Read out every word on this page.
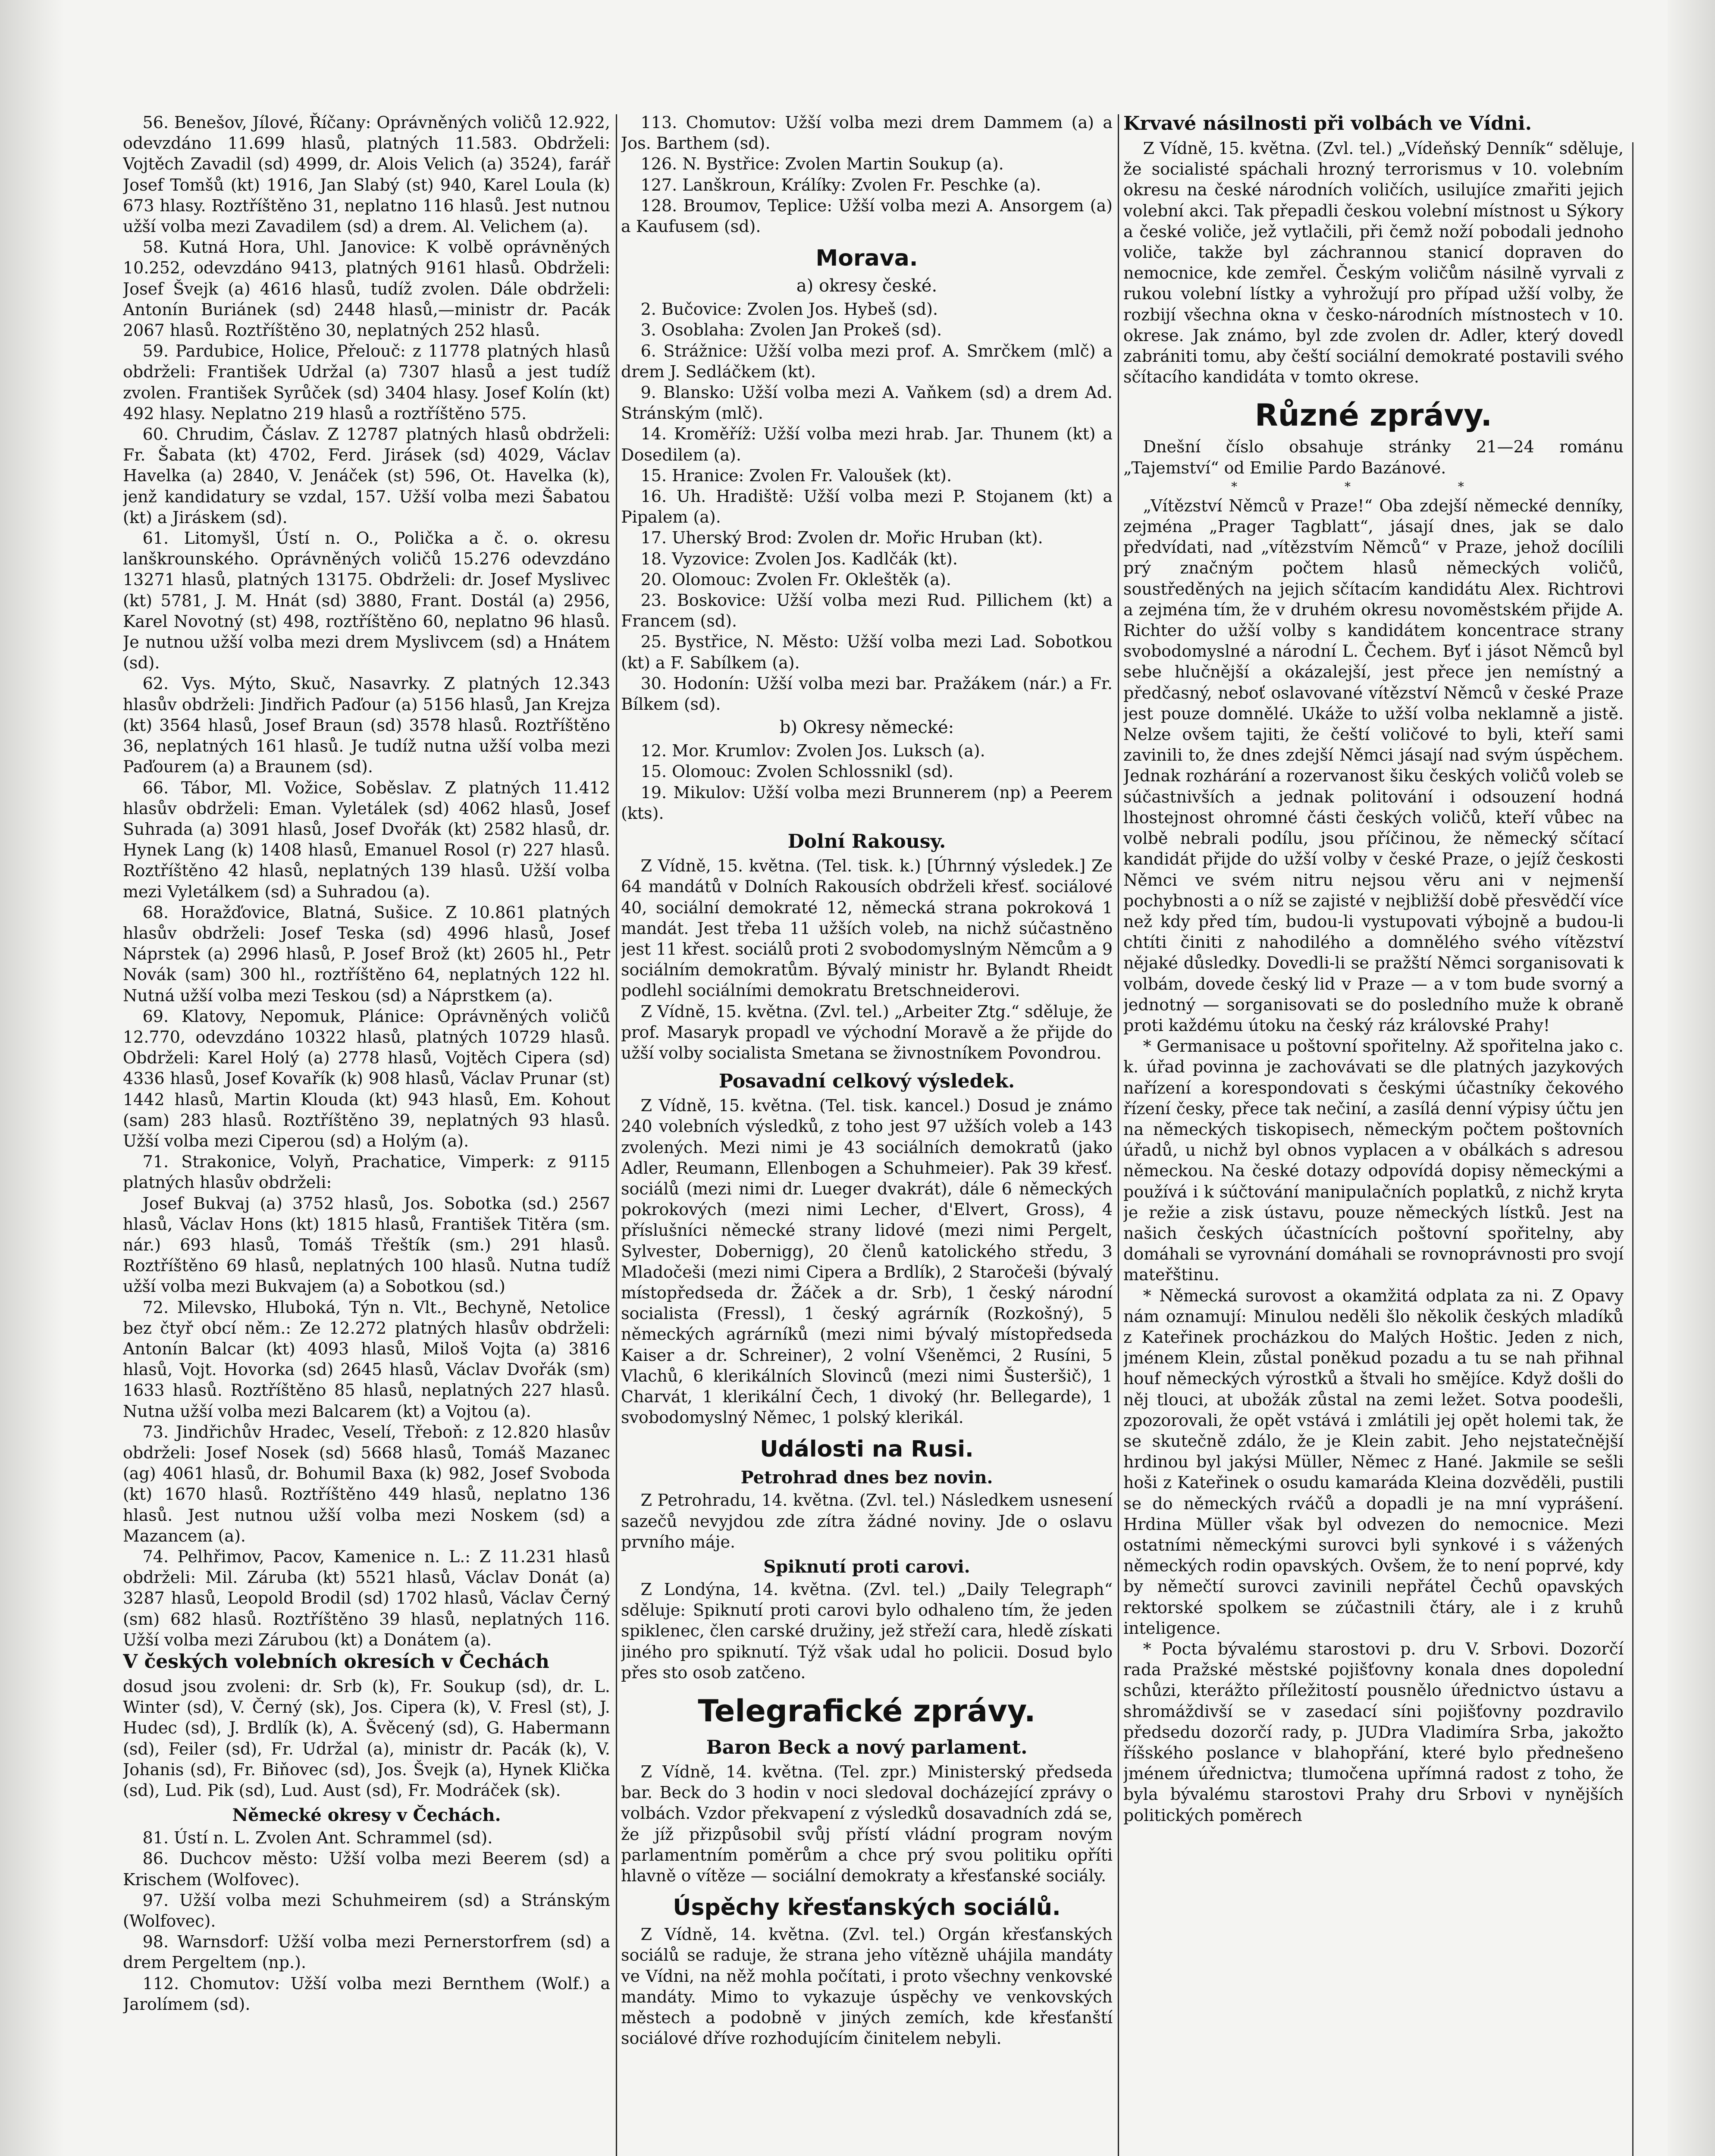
56. Benešov, Jílové, Říčany: Oprávněných voličů 12.922, odevzdáno 11.699 hlasů, platných 11.583. Obdrželi: Vojtěch Zavadil (sd) 4999, dr. Alois Velich (a) 3524), farář Josef Tomšů (kt) 1916, Jan Slabý (st) 940, Karel Loula (k) 673 hlasy. Roztříštěno 31, neplatno 116 hlasů. Jest nutnou užší volba mezi Zavadilem (sd) a drem. Al. Velichem (a).

58. Kutná Hora, Uhl. Janovice: K volbě oprávněných 10.252, odevzdáno 9413, platných 9161 hlasů. Obdrželi: Josef Švejk (a) 4616 hlasů, tudíž zvolen. Dále obdrželi: Antonín Buriánek (sd) 2448 hlasů,—ministr dr. Pacák 2067 hlasů. Roztříštěno 30, neplatných 252 hlasů.

59. Pardubice, Holice, Přelouč: z 11778 platných hlasů obdrželi: František Udržal (a) 7307 hlasů a jest tudíž zvolen. František Syrůček (sd) 3404 hlasy. Josef Kolín (kt) 492 hlasy. Neplatno 219 hlasů a roztříštěno 575.

60. Chrudim, Čáslav. Z 12787 platných hlasů obdrželi: Fr. Šabata (kt) 4702, Ferd. Jirásek (sd) 4029, Václav Havelka (a) 2840, V. Jenáček (st) 596, Ot. Havelka (k), jenž kandidatury se vzdal, 157. Užší volba mezi Šabatou (kt) a Jiráskem (sd).

61. Litomyšl, Ústí n. O., Polička a č. o. okresu lanškrounského. Oprávněných voličů 15.276 odevzdáno 13271 hlasů, platných 13175. Obdrželi: dr. Josef Myslivec (kt) 5781, J. M. Hnát (sd) 3880, Frant. Dostál (a) 2956, Karel Novotný (st) 498, roztříštěno 60, neplatno 96 hlasů. Je nutnou užší volba mezi drem Myslivcem (sd) a Hnátem (sd).

62. Vys. Mýto, Skuč, Nasavrky. Z platných 12.343 hlasův obdrželi: Jindřich Paďour (a) 5156 hlasů, Jan Krejza (kt) 3564 hlasů, Josef Braun (sd) 3578 hlasů. Roztříštěno 36, neplatných 161 hlasů. Je tudíž nutna užší volba mezi Paďourem (a) a Braunem (sd).

66. Tábor, Ml. Vožice, Soběslav. Z platných 11.412 hlasův obdrželi: Eman. Vyletálek (sd) 4062 hlasů, Josef Suhrada (a) 3091 hlasů, Josef Dvořák (kt) 2582 hlasů, dr. Hynek Lang (k) 1408 hlasů, Emanuel Rosol (r) 227 hlasů. Roztříštěno 42 hlasů, neplatných 139 hlasů. Užší volba mezi Vyletálkem (sd) a Suhradou (a).

68. Horažďovice, Blatná, Sušice. Z 10.861 platných hlasův obdrželi: Josef Teska (sd) 4996 hlasů, Josef Náprstek (a) 2996 hlasů, P. Josef Brož (kt) 2605 hl., Petr Novák (sam) 300 hl., roztříštěno 64, neplatných 122 hl. Nutná užší volba mezi Teskou (sd) a Náprstkem (a).

69. Klatovy, Nepomuk, Plánice: Oprávněných voličů 12.770, odevzdáno 10322 hlasů, platných 10729 hlasů. Obdrželi: Karel Holý (a) 2778 hlasů, Vojtěch Cipera (sd) 4336 hlasů, Josef Kovařík (k) 908 hlasů, Václav Prunar (st) 1442 hlasů, Martin Klouda (kt) 943 hlasů, Em. Kohout (sam) 283 hlasů. Roztříštěno 39, neplatných 93 hlasů. Užší volba mezi Ciperou (sd) a Holým (a).

71. Strakonice, Volyň, Prachatice, Vimperk: z 9115 platných hlasův obdrželi:

Josef Bukvaj (a) 3752 hlasů, Jos. Sobotka (sd.) 2567 hlasů, Václav Hons (kt) 1815 hlasů, František Titěra (sm. nár.) 693 hlasů, Tomáš Třeštík (sm.) 291 hlasů. Roztříštěno 69 hlasů, neplatných 100 hlasů. Nutna tudíž užší volba mezi Bukvajem (a) a Sobotkou (sd.)

72. Milevsko, Hluboká, Týn n. Vlt., Bechyně, Netolice bez čtyř obcí něm.: Ze 12.272 platných hlasův obdrželi: Antonín Balcar (kt) 4093 hlasů, Miloš Vojta (a) 3816 hlasů, Vojt. Hovorka (sd) 2645 hlasů, Václav Dvořák (sm) 1633 hlasů. Roztříštěno 85 hlasů, neplatných 227 hlasů. Nutna užší volba mezi Balcarem (kt) a Vojtou (a).

73. Jindřichův Hradec, Veselí, Třeboň: z 12.820 hlasův obdrželi: Josef Nosek (sd) 5668 hlasů, Tomáš Mazanec (ag) 4061 hlasů, dr. Bohumil Baxa (k) 982, Josef Svoboda (kt) 1670 hlasů. Roztříštěno 449 hlasů, neplatno 136 hlasů. Jest nutnou užší volba mezi Noskem (sd) a Mazancem (a).

74. Pelhřimov, Pacov, Kamenice n. L.: Z 11.231 hlasů obdrželi: Mil. Záruba (kt) 5521 hlasů, Václav Donát (a) 3287 hlasů, Leopold Brodil (sd) 1702 hlasů, Václav Černý (sm) 682 hlasů. Roztříštěno 39 hlasů, neplatných 116. Užší volba mezi Zárubou (kt) a Donátem (a).

V českých volebních okresích v Čechách

dosud jsou zvoleni: dr. Srb (k), Fr. Soukup (sd), dr. L. Winter (sd), V. Černý (sk), Jos. Cipera (k), V. Fresl (st), J. Hudec (sd), J. Brdlík (k), A. Švěcený (sd), G. Habermann (sd), Feiler (sd), Fr. Udržal (a), ministr dr. Pacák (k), V. Johanis (sd), Fr. Biňovec (sd), Jos. Švejk (a), Hynek Klička (sd), Lud. Pik (sd), Lud. Aust (sd), Fr. Modráček (sk).

Německé okresy v Čechách.

81. Ústí n. L. Zvolen Ant. Schrammel (sd).

86. Duchcov město: Užší volba mezi Beerem (sd) a Krischem (Wolfovec).

97. Užší volba mezi Schuhmeirem (sd) a Stránským (Wolfovec).

98. Warnsdorf: Užší volba mezi Pernerstorfrem (sd) a drem Pergeltem (np.).

112. Chomutov: Užší volba mezi Bernthem (Wolf.) a Jarolímem (sd).

113. Chomutov: Užší volba mezi drem Dammem (a) a Jos. Barthem (sd).

126. N. Bystřice: Zvolen Martin Soukup (a).

127. Lanškroun, Králíky: Zvolen Fr. Peschke (a).

128. Broumov, Teplice: Užší volba mezi A. Ansorgem (a) a Kaufusem (sd).

Morava.
a) okresy české.

2. Bučovice: Zvolen Jos. Hybeš (sd).

3. Osoblaha: Zvolen Jan Prokeš (sd).

6. Strážnice: Užší volba mezi prof. A. Smrčkem (mlč) a drem J. Sedláčkem (kt).

9. Blansko: Užší volba mezi A. Vaňkem (sd) a drem Ad. Stránským (mlč).

14. Kroměříž: Užší volba mezi hrab. Jar. Thunem (kt) a Dosedilem (a).

15. Hranice: Zvolen Fr. Valoušek (kt).

16. Uh. Hradiště: Užší volba mezi P. Stojanem (kt) a Pipalem (a).

17. Uherský Brod: Zvolen dr. Mořic Hruban (kt).

18. Vyzovice: Zvolen Jos. Kadlčák (kt).

20. Olomouc: Zvolen Fr. Okleštěk (a).

23. Boskovice: Užší volba mezi Rud. Pillichem (kt) a Francem (sd).

25. Bystřice, N. Město: Užší volba mezi Lad. Sobotkou (kt) a F. Sabílkem (a).

30. Hodonín: Užší volba mezi bar. Pražákem (nár.) a Fr. Bílkem (sd).

b) Okresy německé:

12. Mor. Krumlov: Zvolen Jos. Luksch (a).

15. Olomouc: Zvolen Schlossnikl (sd).

19. Mikulov: Užší volba mezi Brunnerem (np) a Peerem (kts).

Dolní Rakousy.

Z Vídně, 15. května. (Tel. tisk. k.) [Úhrnný výsledek.] Ze 64 mandátů v Dolních Rakousích obdrželi křesť. sociálové 40, sociální demokraté 12, německá strana pokroková 1 mandát. Jest třeba 11 užších voleb, na nichž súčastněno jest 11 křest. sociálů proti 2 svobodomyslným Němcům a 9 sociálním demokratům. Bývalý ministr hr. Bylandt Rheidt podlehl sociálními demokratu Bretschneiderovi.

Z Vídně, 15. května. (Zvl. tel.) „Arbeiter Ztg.“ sděluje, že prof. Masaryk propadl ve východní Moravě a že přijde do užší volby socialista Smetana se živnostníkem Povondrou.

Posavadní celkový výsledek.

Z Vídně, 15. května. (Tel. tisk. kancel.) Dosud je známo 240 volebních výsledků, z toho jest 97 užších voleb a 143 zvolených. Mezi nimi je 43 sociálních demokratů (jako Adler, Reumann, Ellenbogen a Schuhmeier). Pak 39 křesť. sociálů (mezi nimi dr. Lueger dvakrát), dále 6 německých pokrokových (mezi nimi Lecher, d'Elvert, Gross), 4 příslušníci německé strany lidové (mezi nimi Pergelt, Sylvester, Dobernigg), 20 členů katolického středu, 3 Mladočeši (mezi nimi Cipera a Brdlík), 2 Staročeši (bývalý místopředseda dr. Žáček a dr. Srb), 1 český národní socialista (Fressl), 1 český agrárník (Rozkošný), 5 německých agrárníků (mezi nimi bývalý místopředseda Kaiser a dr. Schreiner), 2 volní Všeněmci, 2 Rusíni, 5 Vlachů, 6 klerikálních Slovinců (mezi nimi Šusteršič), 1 Charvát, 1 klerikální Čech, 1 divoký (hr. Bellegarde), 1 svobodomyslný Němec, 1 polský klerikál.

Události na Rusi.
Petrohrad dnes bez novin.

Z Petrohradu, 14. května. (Zvl. tel.) Následkem usnesení sazečů nevyjdou zde zítra žádné noviny. Jde o oslavu prvního máje.

Spiknutí proti carovi.

Z Londýna, 14. května. (Zvl. tel.) „Daily Telegraph“ sděluje: Spiknutí proti carovi bylo odhaleno tím, že jeden spiklenec, člen carské družiny, jež střeží cara, hledě získati jiného pro spiknutí. Týž však udal ho policii. Dosud bylo přes sto osob zatčeno.

Telegrafické zprávy.
Baron Beck a nový parlament.

Z Vídně, 14. května. (Tel. zpr.) Ministerský předseda bar. Beck do 3 hodin v noci sledoval docházející zprávy o volbách. Vzdor překvapení z výsledků dosavadních zdá se, že jíž přizpůsobil svůj přístí vládní program novým parlamentním poměrům a chce prý svou politiku opříti hlavně o vítěze — sociální demokraty a křesťanské sociály.

Úspěchy křesťanských sociálů.

Z Vídně, 14. května. (Zvl. tel.) Orgán křesťanských sociálů se raduje, že strana jeho vítězně uhájila mandáty ve Vídni, na něž mohla počítati, i proto všechny venkovské mandáty. Mimo to vykazuje úspěchy ve venkovských městech a podobně v jiných zemích, kde křesťanští sociálové dříve rozhodujícím činitelem nebyli.

Krvavé násilnosti při volbách ve Vídni.

Z Vídně, 15. května. (Zvl. tel.) „Vídeňský Denník“ sděluje, že socialisté spáchali hrozný terrorismus v 10. volebním okresu na české národních voličích, usilujíce zmařiti jejich volební akci. Tak přepadli českou volební místnost u Sýkory a české voliče, jež vytlačili, při čemž noží pobodali jednoho voliče, takže byl záchrannou stanicí dopraven do nemocnice, kde zemřel. Českým voličům násilně vyrvali z rukou volební lístky a vyhrožují pro případ užší volby, že rozbijí všechna okna v česko-národních místnostech v 10. okrese. Jak známo, byl zde zvolen dr. Adler, který dovedl zabrániti tomu, aby čeští sociální demokraté postavili svého sčítacího kandidáta v tomto okrese.

Různé zprávy.

Dnešní číslo obsahuje stránky 21—24 románu „Tajemství“ od Emilie Pardo Bazánové.

* * *

„Vítězství Němců v Praze!“ Oba zdejší německé denníky, zejména „Prager Tagblatt“, jásají dnes, jak se dalo předvídati, nad „vítězstvím Němců“ v Praze, jehož docílili prý značným počtem hlasů německých voličů, soustředěných na jejich sčítacím kandidátu Alex. Richtrovi a zejména tím, že v druhém okresu novoměstském přijde A. Richter do užší volby s kandidátem koncentrace strany svobodomyslné a národní L. Čechem. Byť i jásot Němců byl sebe hlučnější a okázalejší, jest přece jen nemístný a předčasný, neboť oslavované vítězství Němců v české Praze jest pouze domnělé. Ukáže to užší volba neklamně a jistě. Nelze ovšem tajiti, že čeští voličové to byli, kteří sami zavinili to, že dnes zdejší Němci jásají nad svým úspěchem. Jednak rozhárání a rozervanost šiku českých voličů voleb se súčastnivších a jednak politování i odsouzení hodná lhostejnost ohromné části českých voličů, kteří vůbec na volbě nebrali podílu, jsou příčinou, že německý sčítací kandidát přijde do užší volby v české Praze, o jejíž českosti Němci ve svém nitru nejsou věru ani v nejmenší pochybnosti a o níž se zajisté v nejbližší době přesvědčí více než kdy před tím, budou-li vystupovati výbojně a budou-li chtíti činiti z nahodilého a domnělého svého vítězství nějaké důsledky. Dovedli-li se pražští Němci sorganisovati k volbám, dovede český lid v Praze — a v tom bude svorný a jednotný — sorganisovati se do posledního muže k obraně proti každému útoku na český ráz královské Prahy!

* Germanisace u poštovní spořitelny. Až spořitelna jako c. k. úřad povinna je zachovávati se dle platných jazykových nařízení a korespondovati s českými účastníky čekového řízení česky, přece tak nečiní, a zasílá denní výpisy účtu jen na německých tiskopisech, německým počtem poštovních úřadů, u nichž byl obnos vyplacen a v obálkách s adresou německou. Na české dotazy odpovídá dopisy německými a používá i k súčtování manipulačních poplatků, z nichž kryta je režie a zisk ústavu, pouze německých lístků. Jest na našich českých účastnících poštovní spořitelny, aby domáhali se vyrovnání domáhali se rovnoprávnosti pro svojí mateřštinu.

* Německá surovost a okamžitá odplata za ni. Z Opavy nám oznamují: Minulou neděli šlo několik českých mladíků z Kateřinek procházkou do Malých Hoštic. Jeden z nich, jménem Klein, zůstal poněkud pozadu a tu se nah přihnal houf německých výrostků a štvali ho smějíce. Když došli do něj tlouci, at ubožák zůstal na zemi ležet. Sotva poodešli, zpozorovali, že opět vstává i zmlátili jej opět holemi tak, že se skutečně zdálo, že je Klein zabit. Jeho nejstatečnější hrdinou byl jakýsi Müller, Němec z Hané. Jakmile se sešli hoši z Kateřinek o osudu kamaráda Kleina dozvěděli, pustili se do německých rváčů a dopadli je na mní vyprášení. Hrdina Müller však byl odvezen do nemocnice. Mezi ostatními německými surovci byli synkové i s vážených německých rodin opavských. Ovšem, že to není poprvé, kdy by němečtí surovci zavinili nepřátel Čechů opavských rektorské spolkem se zúčastnili čtáry, ale i z kruhů inteligence.

* Pocta bývalému starostovi p. dru V. Srbovi. Dozorčí rada Pražské městské pojišťovny konala dnes dopolední schůzi, kterážto příležitostí pousnělo úřednictvo ústavu a shromáždivší se v zasedací síni pojišťovny pozdravilo předsedu dozorčí rady, p. JUDra Vladimíra Srba, jakožto říšského poslance v blahopřání, které bylo přednešeno jménem úřednictva; tlumočena upřímná radost z toho, že byla bývalému starostovi Prahy dru Srbovi v nynějších politických poměrech
